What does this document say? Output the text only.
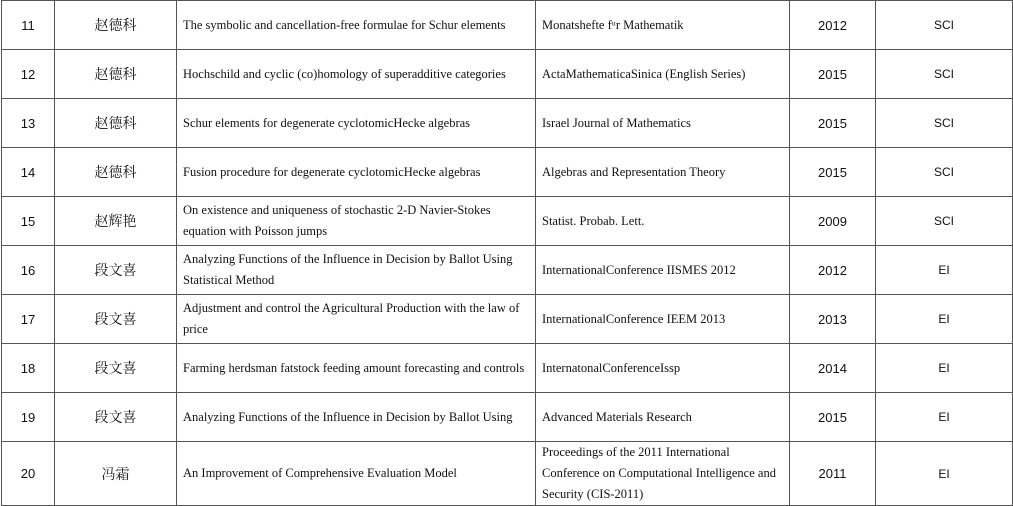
11	赵德科	The symbolic and cancellation-free formulae for Schur elements	Monatshefte fᵘr Mathematik	2012	SCI
12	赵德科	Hochschild and cyclic (co)homology of superadditive categories	ActaMathematicaSinica (English Series)	2015	SCI
13	赵德科	Schur elements for degenerate cyclotomicHecke algebras	Israel Journal of Mathematics	2015	SCI
14	赵德科	Fusion procedure for degenerate cyclotomicHecke algebras	Algebras and Representation Theory	2015	SCI
15	赵辉艳	On existence and uniqueness of stochastic 2-D Navier-Stokes equation with Poisson jumps	Statist. Probab. Lett.	2009	SCI
16	段文喜	Analyzing Functions of the Influence in Decision by Ballot Using Statistical Method	InternationalConference IISMES 2012	2012	EI
17	段文喜	Adjustment and control the Agricultural Production with the law of price	InternationalConference IEEM 2013	2013	EI
18	段文喜	Farming herdsman fatstock feeding amount forecasting and controls	InternatonalConferenceIssp	2014	EI
19	段文喜	Analyzing Functions of the Influence in Decision by Ballot Using	Advanced Materials Research	2015	EI
20	冯霜	An Improvement of Comprehensive Evaluation Model	Proceedings of the 2011 International Conference on Computational Intelligence and Security (CIS-2011)	2011	EI
